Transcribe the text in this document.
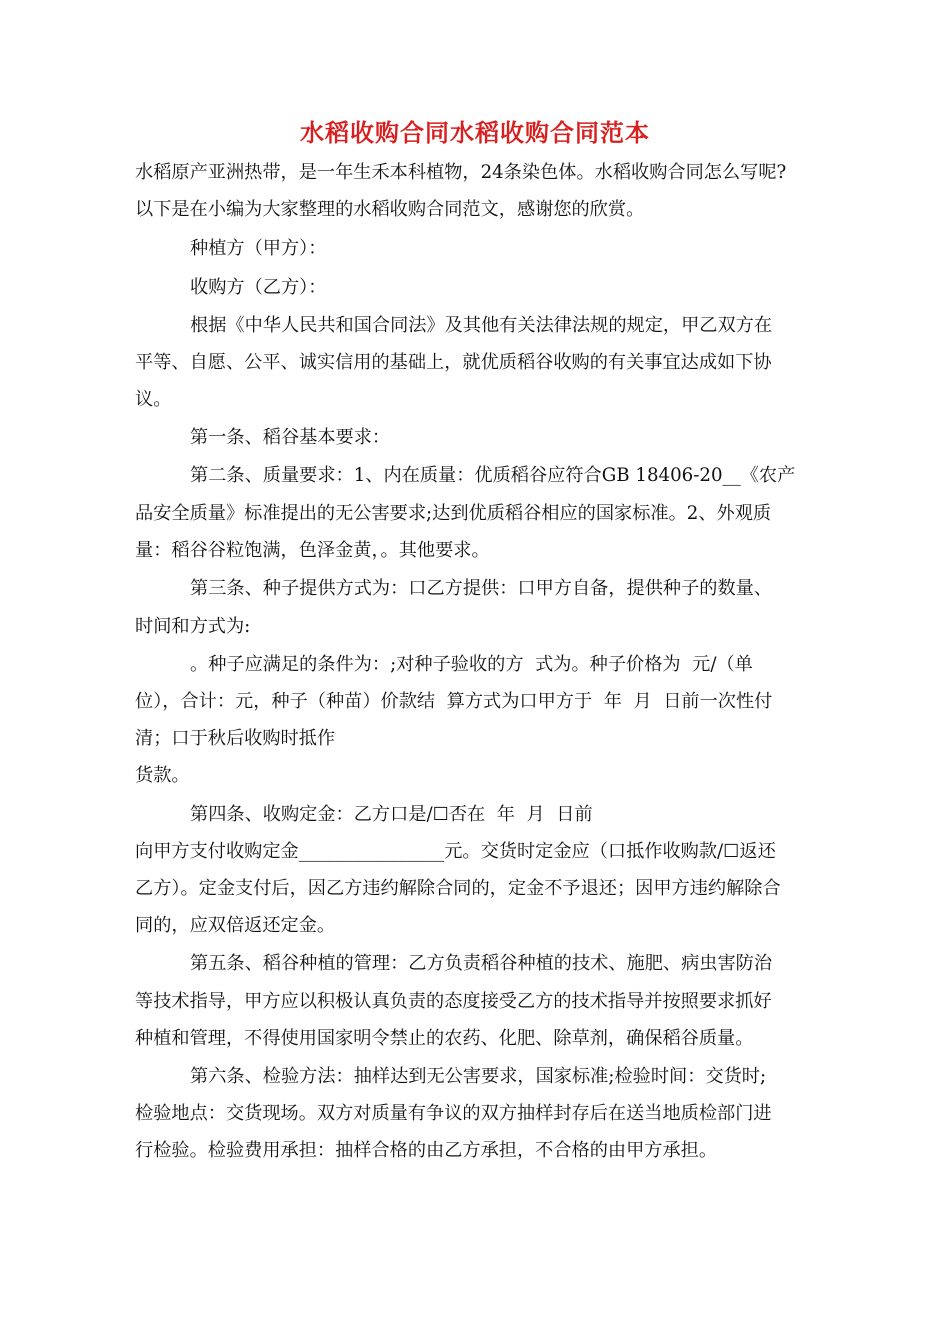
水稻收购合同水稻收购合同范本
水稻原产亚洲热带，是一年生禾本科植物，24条染色体。水稻收购合同怎么写呢?
以下是在小编为大家整理的水稻收购合同范文，感谢您的欣赏。
种植方（甲方）：
收购方（乙方）：
根据《中华人民共和国合同法》及其他有关法律法规的规定，甲乙双方在
平等、自愿、公平、诚实信用的基础上，就优质稻谷收购的有关事宜达成如下协
议。
第一条、稻谷基本要求：
第二条、质量要求：1、内在质量：优质稻谷应符合GB 18406-20__《农产
品安全质量》标准提出的无公害要求;达到优质稻谷相应的国家标准。2、外观质
量：稻谷谷粒饱满，色泽金黄，。其他要求。
第三条、种子提供方式为：口乙方提供：口甲方自备，提供种子的数量、
时间和方式为:
。种子应满足的条件为：;对种子验收的方  式为。种子价格为  元/（单
位），合计：元，种子（种苗）价款结  算方式为口甲方于  年  月  日前一次性付
清；口于秋后收购时抵作
货款。
第四条、收购定金：乙方口是/☐否在  年  月  日前
向甲方支付收购定金________________元。交货时定金应（口抵作收购款/☐返还
乙方）。定金支付后，因乙方违约解除合同的，定金不予退还；因甲方违约解除合
同的，应双倍返还定金。
第五条、稻谷种植的管理：乙方负责稻谷种植的技术、施肥、病虫害防治
等技术指导，甲方应以积极认真负责的态度接受乙方的技术指导并按照要求抓好
种植和管理，不得使用国家明令禁止的农药、化肥、除草剂，确保稻谷质量。
第六条、检验方法：抽样达到无公害要求，国家标准;检验时间：交货时;
检验地点：交货现场。双方对质量有争议的双方抽样封存后在送当地质检部门进
行检验。检验费用承担：抽样合格的由乙方承担，不合格的由甲方承担。
